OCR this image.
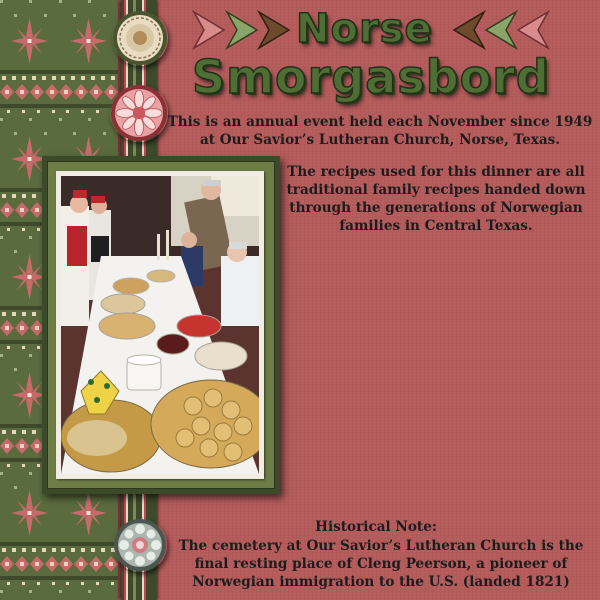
Norse
Smorgasbord
This is an annual event held each November since 1949 at Our Savior’s Lutheran Church, Norse, Texas.
The recipes used for this dinner are all traditional family recipes handed down through the generations of Norwegian families in Central Texas.
Historical Note:
The cemetery at Our Savior’s Lutheran Church is the final resting place of Cleng Peerson, a pioneer of Norwegian immigration to the U.S. (landed 1821)
